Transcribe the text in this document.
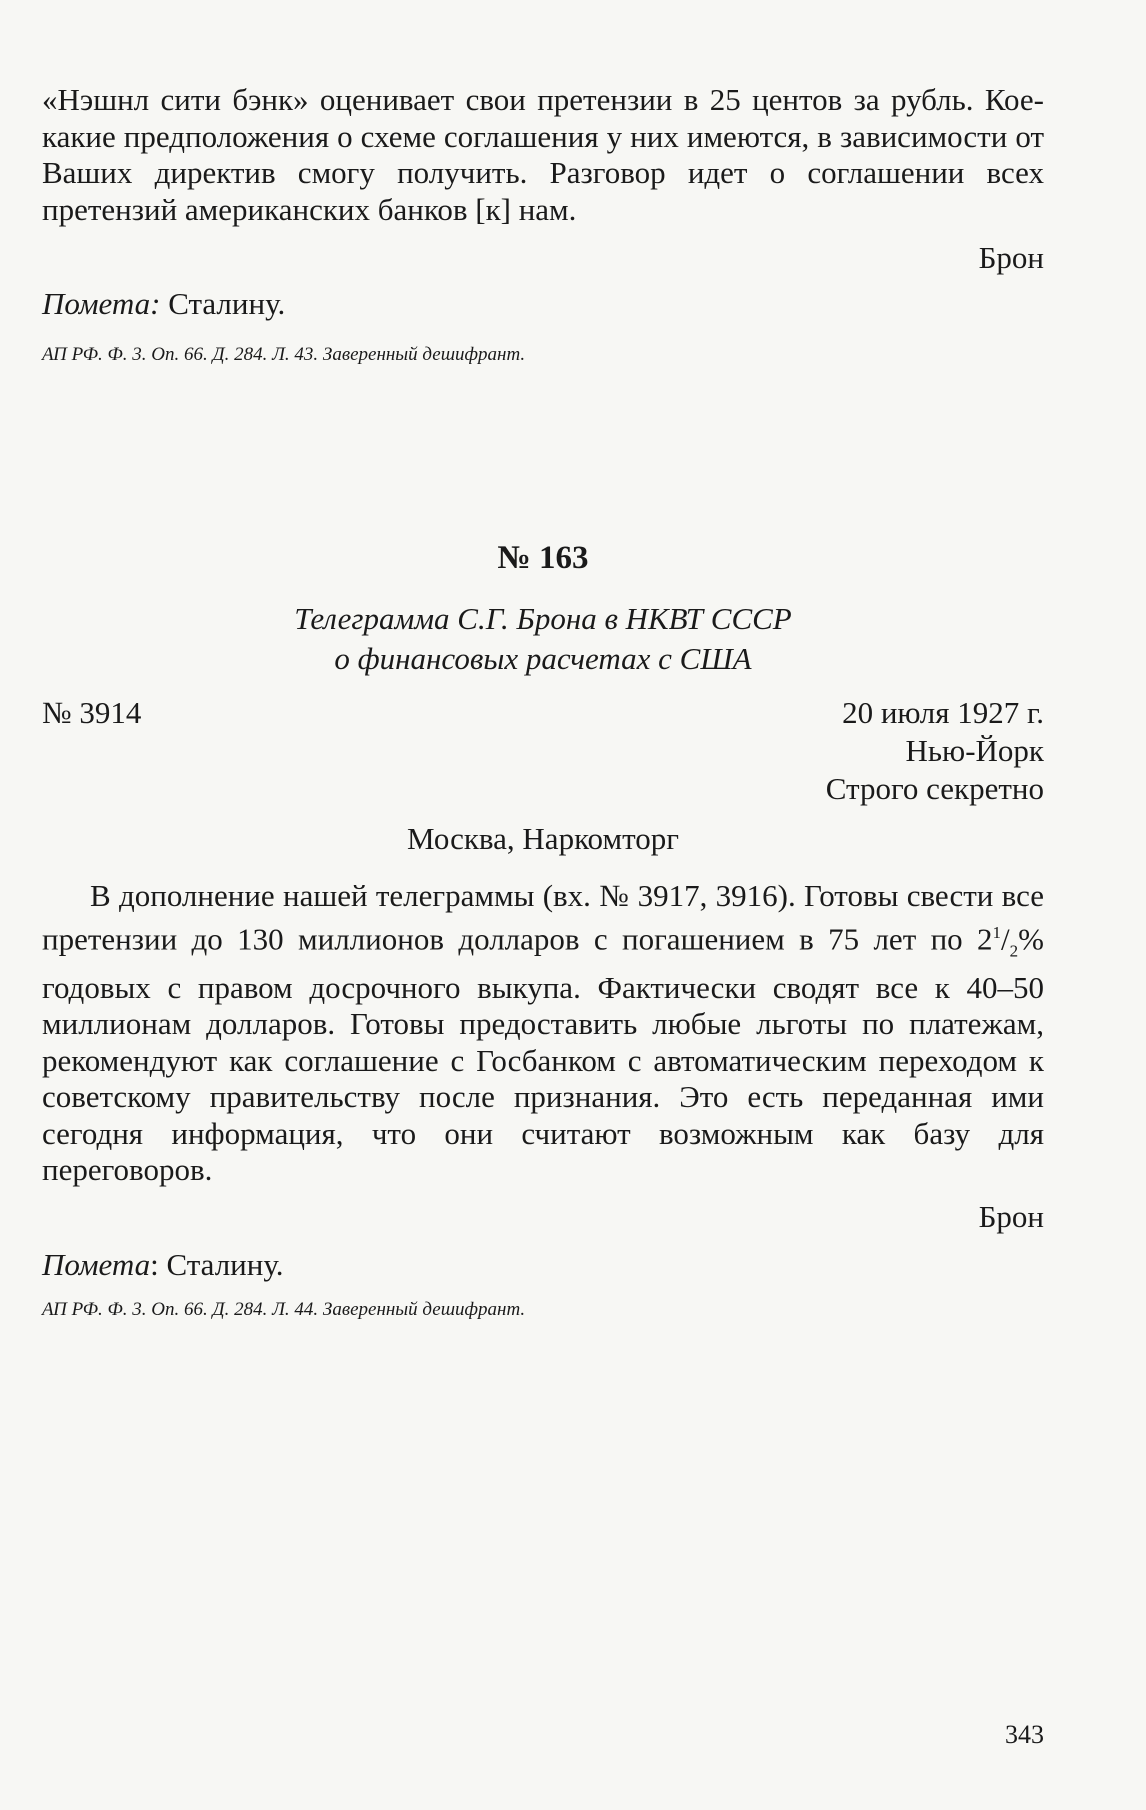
«Нэшнл сити бэнк» оценивает свои претензии в 25 центов за рубль. Кое-какие предположения о схеме соглашения у них имеются, в зависимости от Ваших директив смогу получить. Разговор идет о соглашении всех претензий американских банков [к] нам.

Брон

Помета: Сталину.

АП РФ. Ф. 3. Оп. 66. Д. 284. Л. 43. Заверенный дешифрант.

№ 163

Телеграмма С.Г. Брона в НКВТ СССР

о финансовых расчетах с США

№ 3914	20 июля 1927 г.

Нью-Йорк

Строго секретно

Москва, Наркомторг

В дополнение нашей телеграммы (вх. № 3917, 3916). Готовы свести все претензии до 130 миллионов долларов с погашением в 75 лет по $2^1/_2\%$ годовых с правом досрочного выкупа. Фактически сводят все к 40–50 миллионам долларов. Готовы предоставить любые льготы по платежам, рекомендуют как соглашение с Госбанком с автоматическим переходом к советскому правительству после признания. Это есть переданная ими сегодня информация, что они считают возможным как базу для переговоров.

Брон

Помета: Сталину.

АП РФ. Ф. 3. Оп. 66. Д. 284. Л. 44. Заверенный дешифрант.

343
